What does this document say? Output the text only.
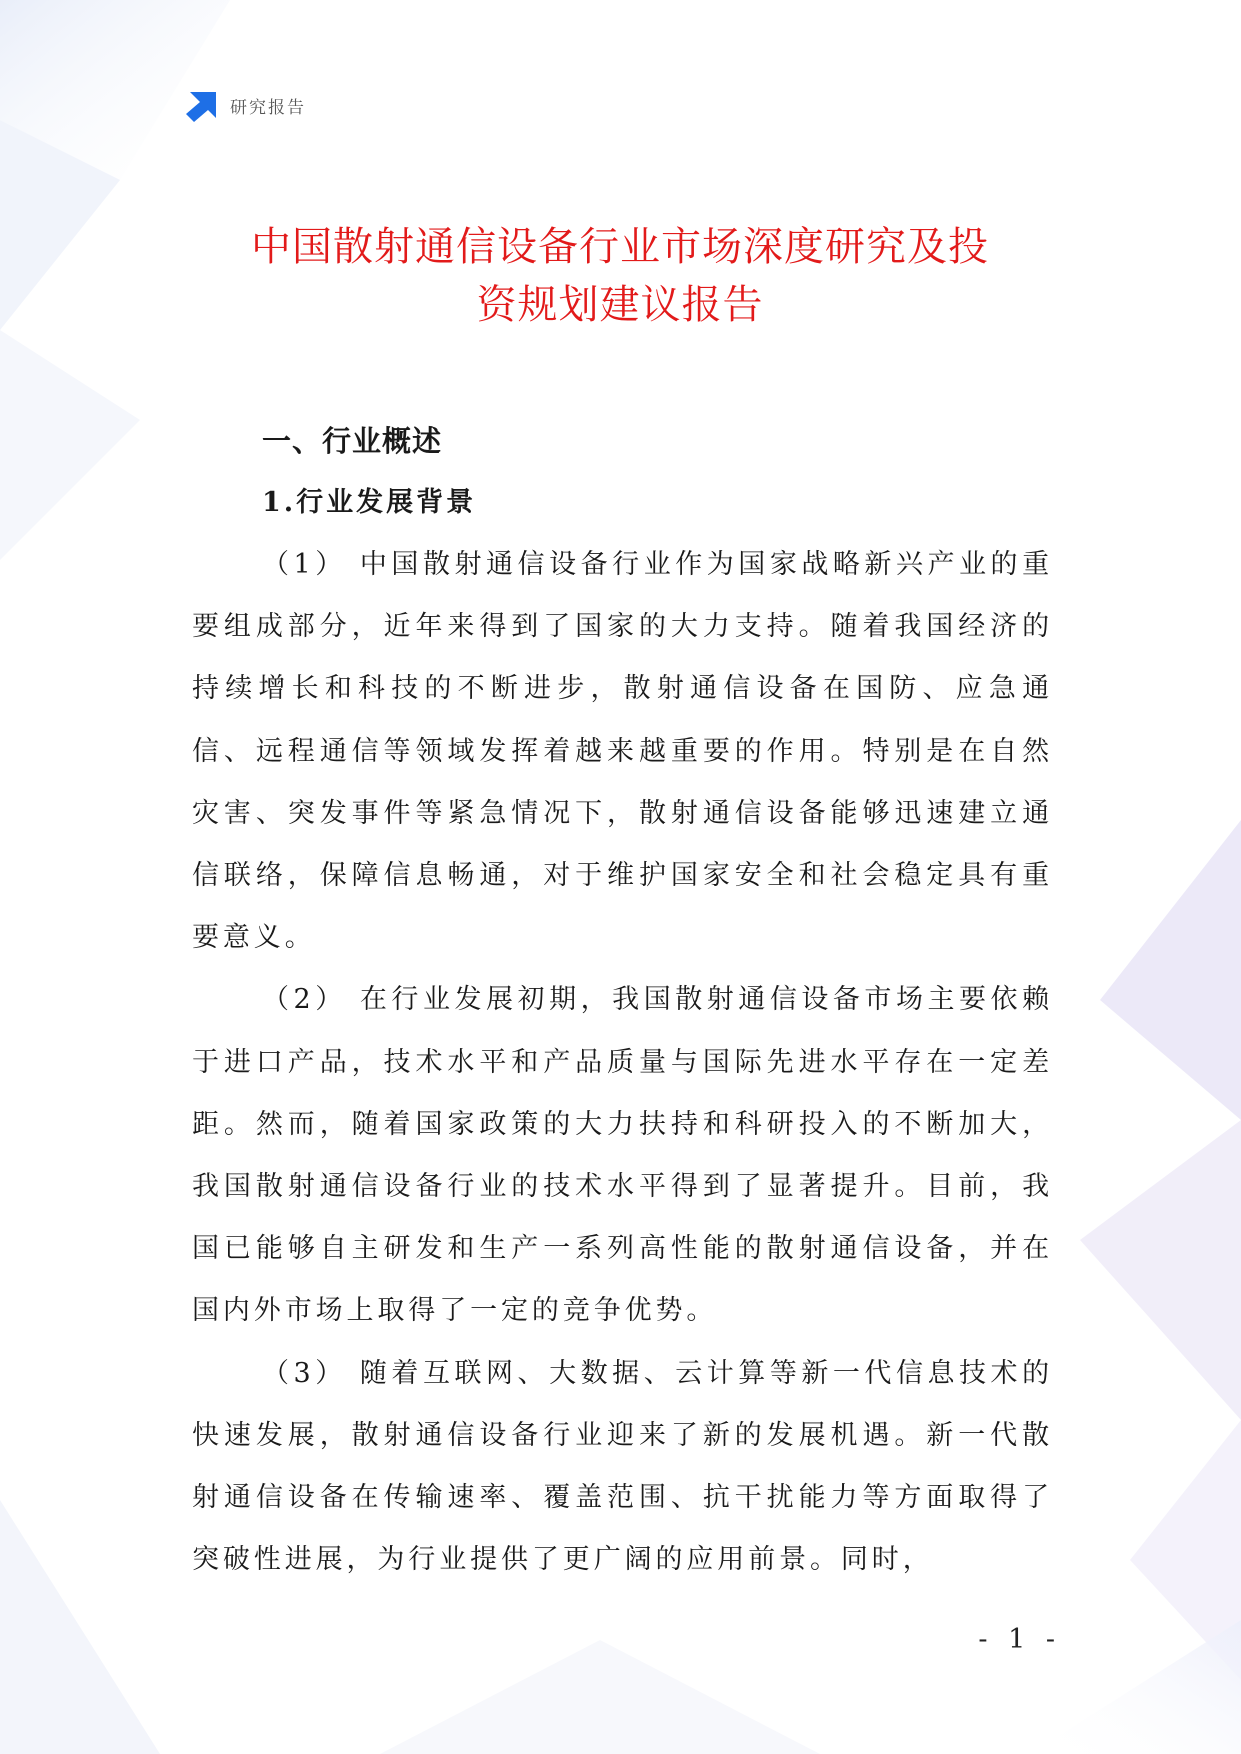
研究报告
中国散射通信设备行业市场深度研究及投
资规划建议报告
一、行业概述
1.行业发展背景

（1） 中国散射通信设备行业作为国家战略新兴产业的重要组成部分，近年来得到了国家的大力支持。随着我国经济的持续增长和科技的不断进步，散射通信设备在国防、应急通信、远程通信等领域发挥着越来越重要的作用。特别是在自然灾害、突发事件等紧急情况下，散射通信设备能够迅速建立通信联络，保障信息畅通，对于维护国家安全和社会稳定具有重要意义。

（2） 在行业发展初期，我国散射通信设备市场主要依赖于进口产品，技术水平和产品质量与国际先进水平存在一定差距。然而，随着国家政策的大力扶持和科研投入的不断加大，我国散射通信设备行业的技术水平得到了显著提升。目前，我国已能够自主研发和生产一系列高性能的散射通信设备，并在国内外市场上取得了一定的竞争优势。

（3） 随着互联网、大数据、云计算等新一代信息技术的快速发展，散射通信设备行业迎来了新的发展机遇。新一代散射通信设备在传输速率、覆盖范围、抗干扰能力等方面取得了突破性进展，为行业提供了更广阔的应用前景。同时，

- 1 -
